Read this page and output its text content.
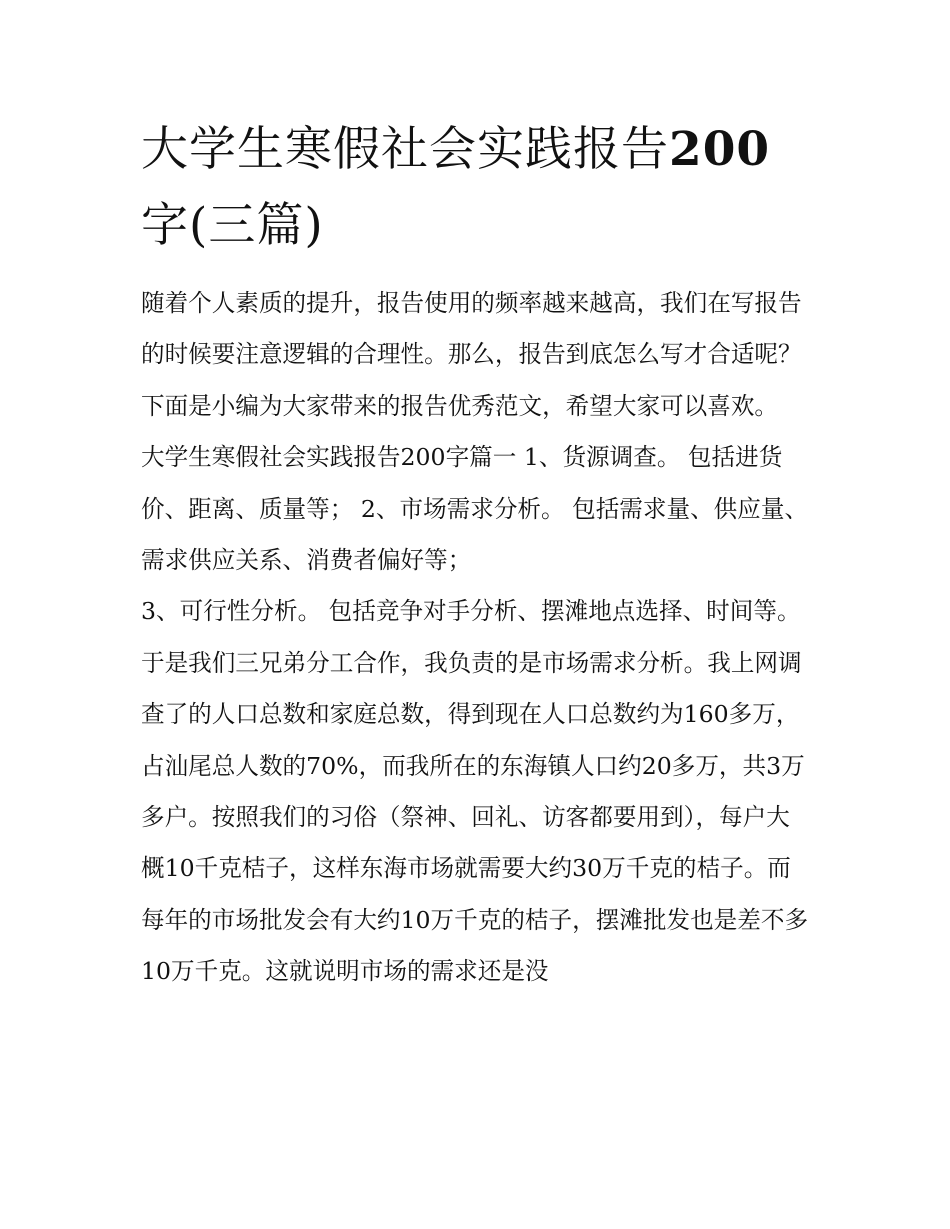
大学生寒假社会实践报告200字(三篇)

随着个人素质的提升，报告使用的频率越来越高，我们在写报告的时候要注意逻辑的合理性。那么，报告到底怎么写才合适呢？下面是小编为大家带来的报告优秀范文，希望大家可以喜欢。

大学生寒假社会实践报告200字篇一 1、货源调查。 包括进货价、距离、质量等； 2、市场需求分析。 包括需求量、供应量、需求供应关系、消费者偏好等；

3、可行性分析。 包括竞争对手分析、摆滩地点选择、时间等。

于是我们三兄弟分工合作，我负责的是市场需求分析。我上网调查了的人口总数和家庭总数，得到现在人口总数约为160多万，占汕尾总人数的70%，而我所在的东海镇人口约20多万，共3万多户。按照我们的习俗（祭神、回礼、访客都要用到），每户大概10千克桔子，这样东海市场就需要大约30万千克的桔子。而每年的市场批发会有大约10万千克的桔子，摆滩批发也是差不多10万千克。这就说明市场的需求还是没
